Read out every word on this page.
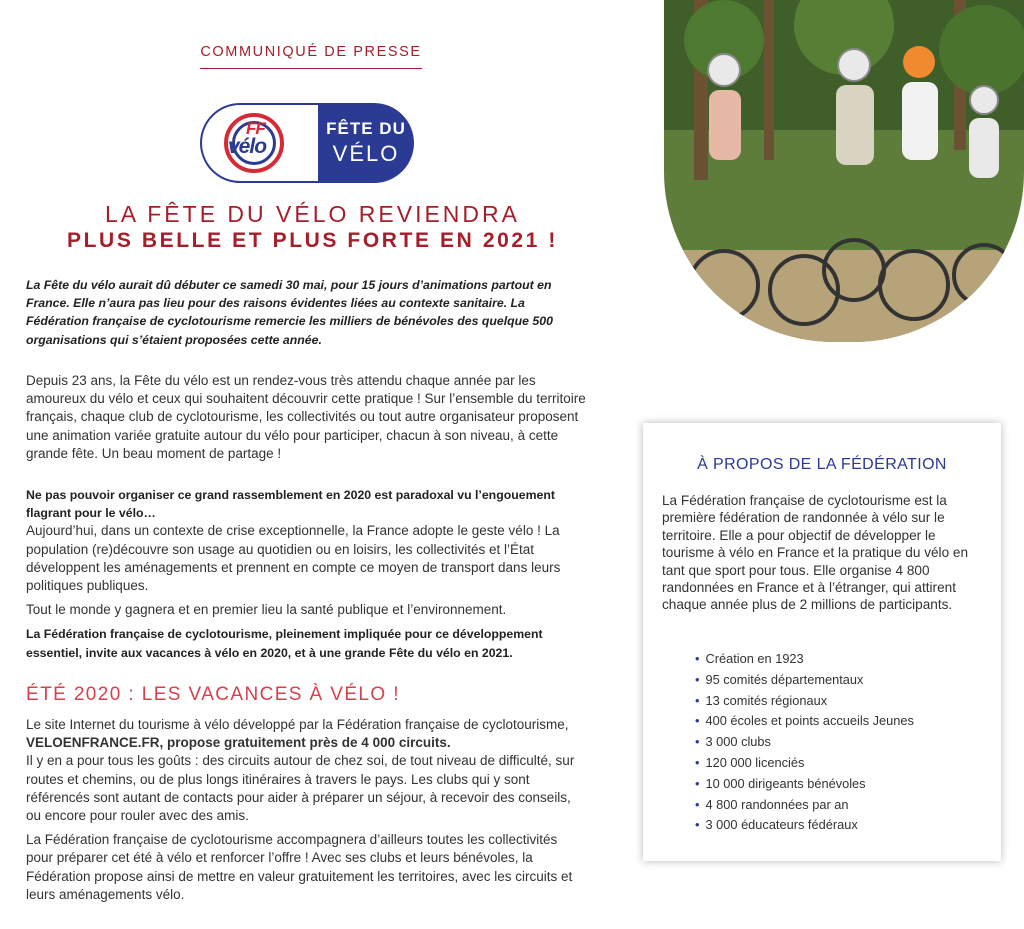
COMMUNIQUÉ DE PRESSE
FF
vélo
FÊTE DU
VÉLO
LA FÊTE DU VÉLO REVIENDRA
PLUS BELLE ET PLUS FORTE EN 2021 !

La Fête du vélo aurait dû débuter ce samedi 30 mai, pour 15 jours d’animations partout en France. Elle n’aura pas lieu pour des raisons évidentes liées au contexte sanitaire. La Fédération française de cyclotourisme remercie les milliers de bénévoles des quelque 500 organisations qui s’étaient proposées cette année.

Depuis 23 ans, la Fête du vélo est un rendez-vous très attendu chaque année par les amoureux du vélo et ceux qui souhaitent découvrir cette pratique ! Sur l’ensemble du territoire français, chaque club de cyclotourisme, les collectivités ou tout autre organisateur proposent une animation variée gratuite autour du vélo pour participer, chacun à son niveau, à cette grande fête. Un beau moment de partage !

Ne pas pouvoir organiser ce grand rassemblement en 2020 est paradoxal vu l’engouement flagrant pour le vélo…

Aujourd’hui, dans un contexte de crise exceptionnelle, la France adopte le geste vélo ! La population (re)découvre son usage au quotidien ou en loisirs, les collectivités et l’État développent les aménagements et prennent en compte ce moyen de transport dans leurs politiques publiques.

Tout le monde y gagnera et en premier lieu la santé publique et l’environnement.

La Fédération française de cyclotourisme, pleinement impliquée pour ce développement essentiel, invite aux vacances à vélo en 2020, et à une grande Fête du vélo en 2021.

ÉTÉ 2020 : LES VACANCES À VÉLO !

Le site Internet du tourisme à vélo développé par la Fédération française de cyclotourisme, VELOENFRANCE.FR, propose gratuitement près de 4 000 circuits.

Il y en a pour tous les goûts : des circuits autour de chez soi, de tout niveau de difficulté, sur routes et chemins, ou de plus longs itinéraires à travers le pays. Les clubs qui y sont référencés sont autant de contacts pour aider à préparer un séjour, à recevoir des conseils, ou encore pour rouler avec des amis.

La Fédération française de cyclotourisme accompagnera d’ailleurs toutes les collectivités pour préparer cet été à vélo et renforcer l’offre ! Avec ses clubs et leurs bénévoles, la Fédération propose ainsi de mettre en valeur gratuitement les territoires, avec les circuits et leurs aménagements vélo.

À PROPOS DE LA FÉDÉRATION
La Fédération française de cyclotourisme est la première fédération de randonnée à vélo sur le territoire. Elle a pour objectif de développer le tourisme à vélo en France et la pratique du vélo en tant que sport pour tous. Elle organise 4 800 randonnées en France et à l’étranger, qui attirent chaque année plus de 2 millions de participants.
• Création en 1923
• 95 comités départementaux
• 13 comités régionaux
• 400 écoles et points accueils Jeunes
• 3 000 clubs
• 120 000 licenciés
• 10 000 dirigeants bénévoles
• 4 800 randonnées par an
• 3 000 éducateurs fédéraux
